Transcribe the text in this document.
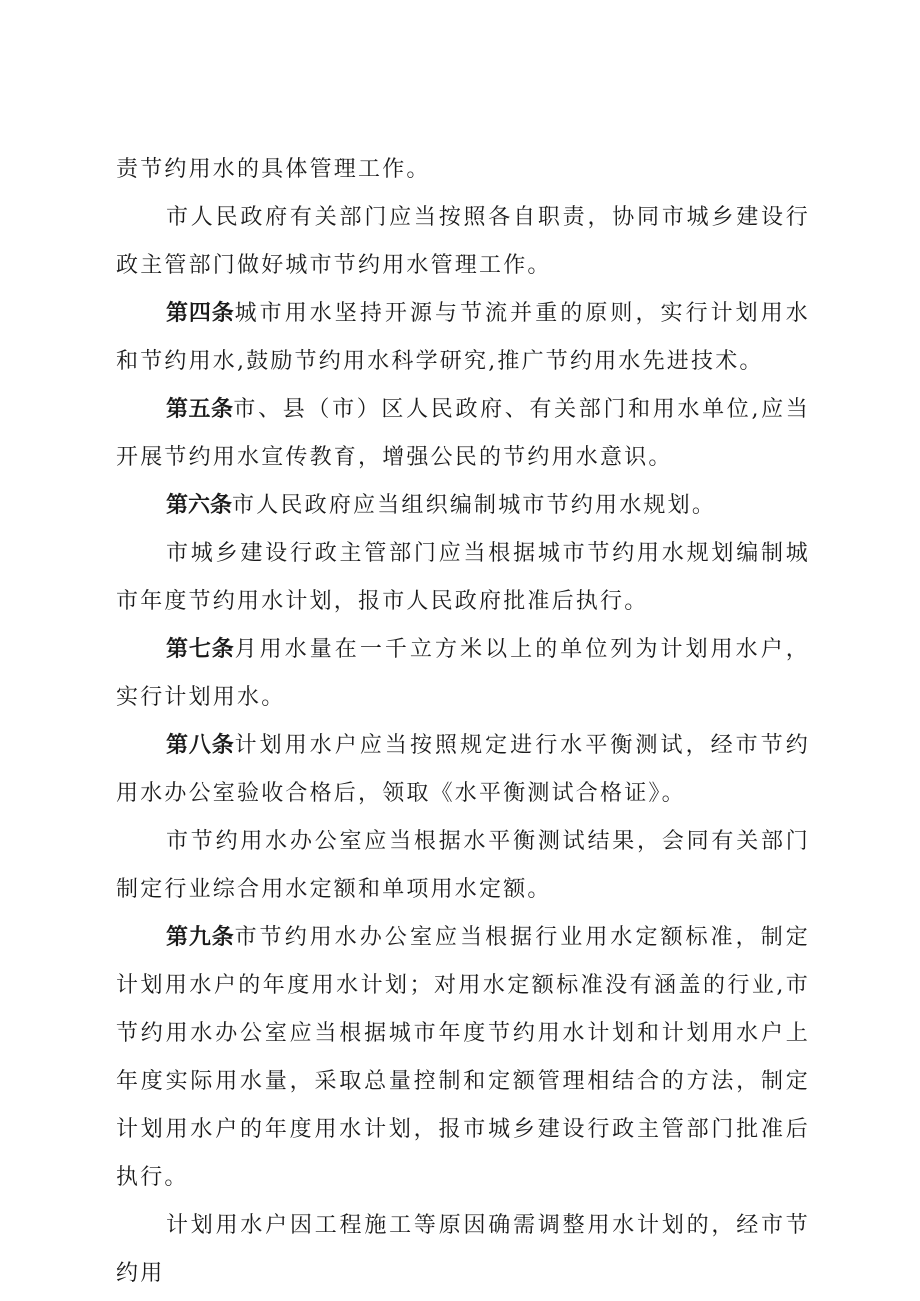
责节约用水的具体管理工作。

市人民政府有关部门应当按照各自职责，协同市城乡建设行政主管部门做好城市节约用水管理工作。

第四条城市用水坚持开源与节流并重的原则，实行计划用水和节约用水,鼓励节约用水科学研究,推广节约用水先进技术。

第五条市、县（市）区人民政府、有关部门和用水单位,应当开展节约用水宣传教育，增强公民的节约用水意识。

第六条市人民政府应当组织编制城市节约用水规划。

市城乡建设行政主管部门应当根据城市节约用水规划编制城市年度节约用水计划，报市人民政府批准后执行。

第七条月用水量在一千立方米以上的单位列为计划用水户，实行计划用水。

第八条计划用水户应当按照规定进行水平衡测试，经市节约用水办公室验收合格后，领取《水平衡测试合格证》。

市节约用水办公室应当根据水平衡测试结果，会同有关部门制定行业综合用水定额和单项用水定额。

第九条市节约用水办公室应当根据行业用水定额标准，制定计划用水户的年度用水计划；对用水定额标准没有涵盖的行业,市节约用水办公室应当根据城市年度节约用水计划和计划用水户上年度实际用水量，采取总量控制和定额管理相结合的方法，制定计划用水户的年度用水计划，报市城乡建设行政主管部门批准后执行。

计划用水户因工程施工等原因确需调整用水计划的，经市节约用
